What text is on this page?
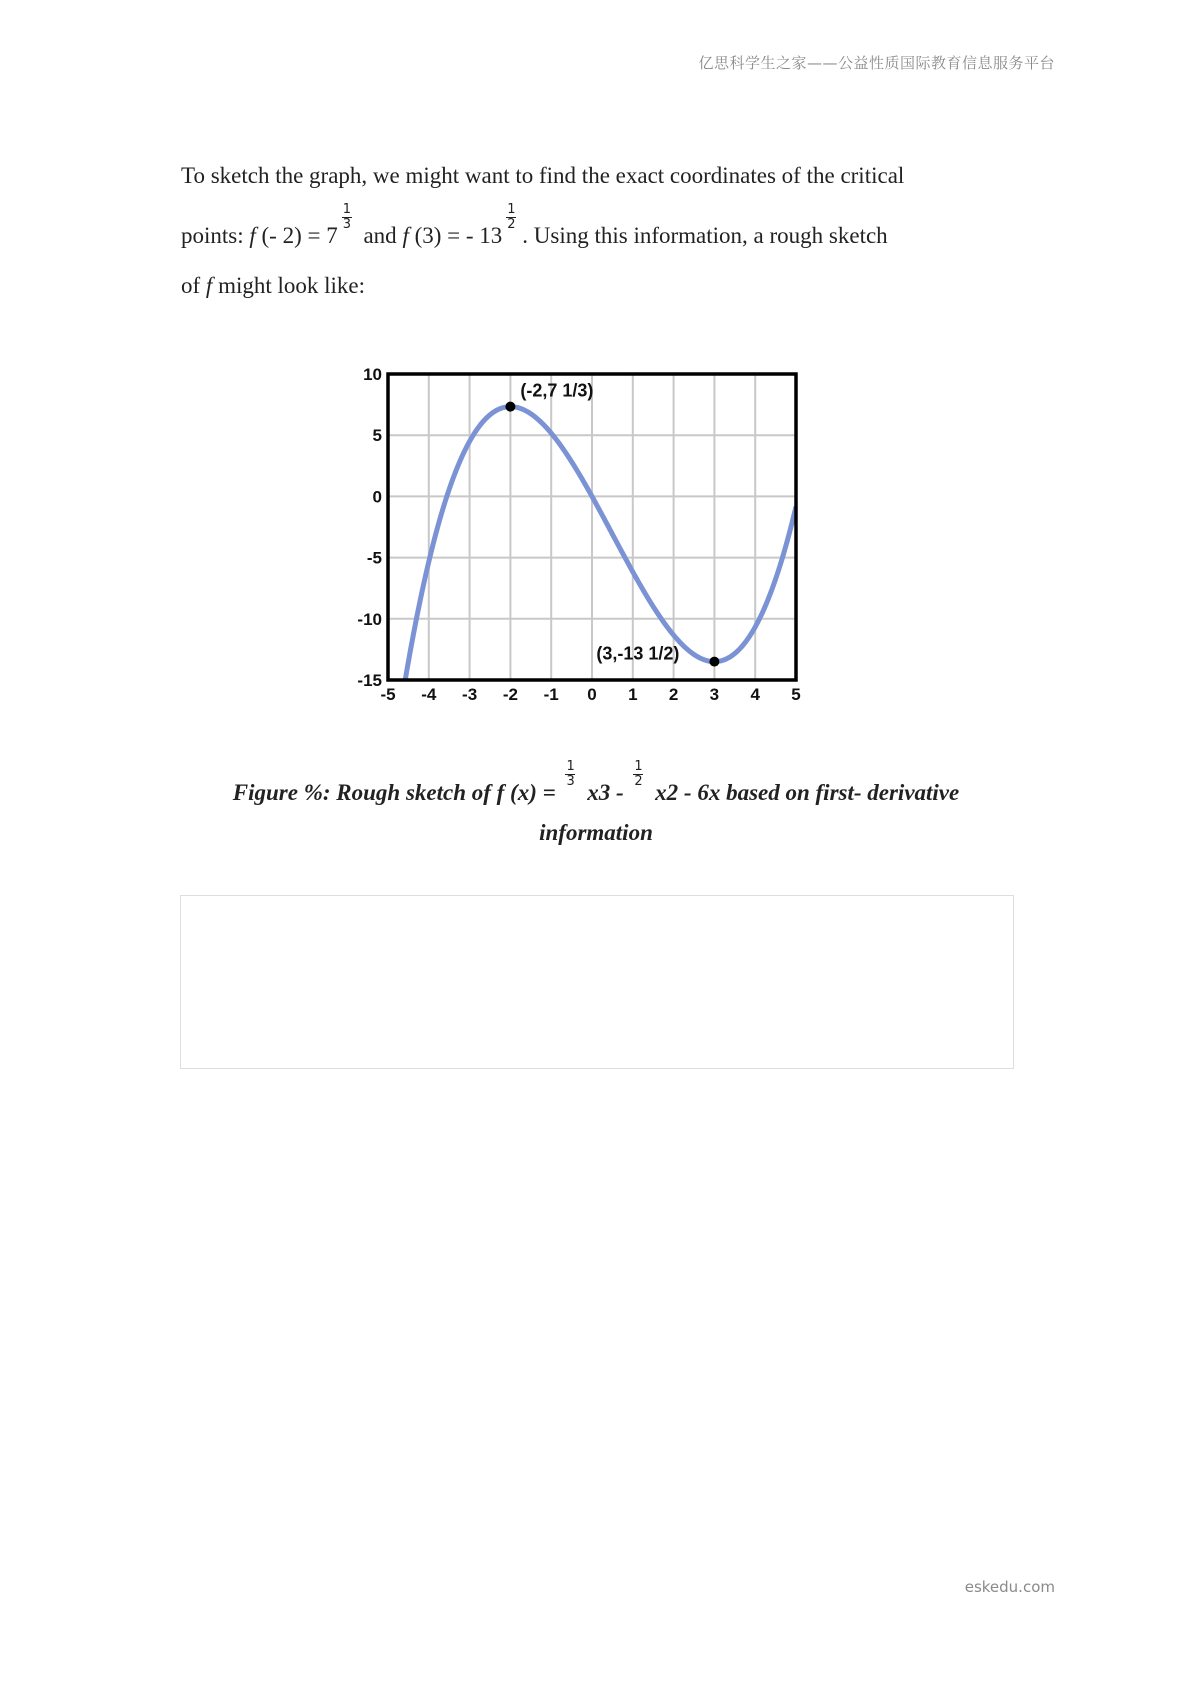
亿思科学生之家——公益性质国际教育信息服务平台
To sketch the graph, we might want to find the exact coordinates of the critical
points: f (- $2) = 7 \frac{1}{3}$ and f (3) = - $13 \frac{1}{2}$ . Using this information, a rough sketch
of f might look like:
-5 -4 -3 -2 -1 0 1 2 3 4 5
10
5
0
-5
-10
-15
(-2,7 1/3)
(3,-13 1/2)
Figure %: Rough sketch of f $(x) = \frac{1}{3} x3 - \frac{1}{2} x2 - 6x$ based on first- derivative
information
eskedu.com
